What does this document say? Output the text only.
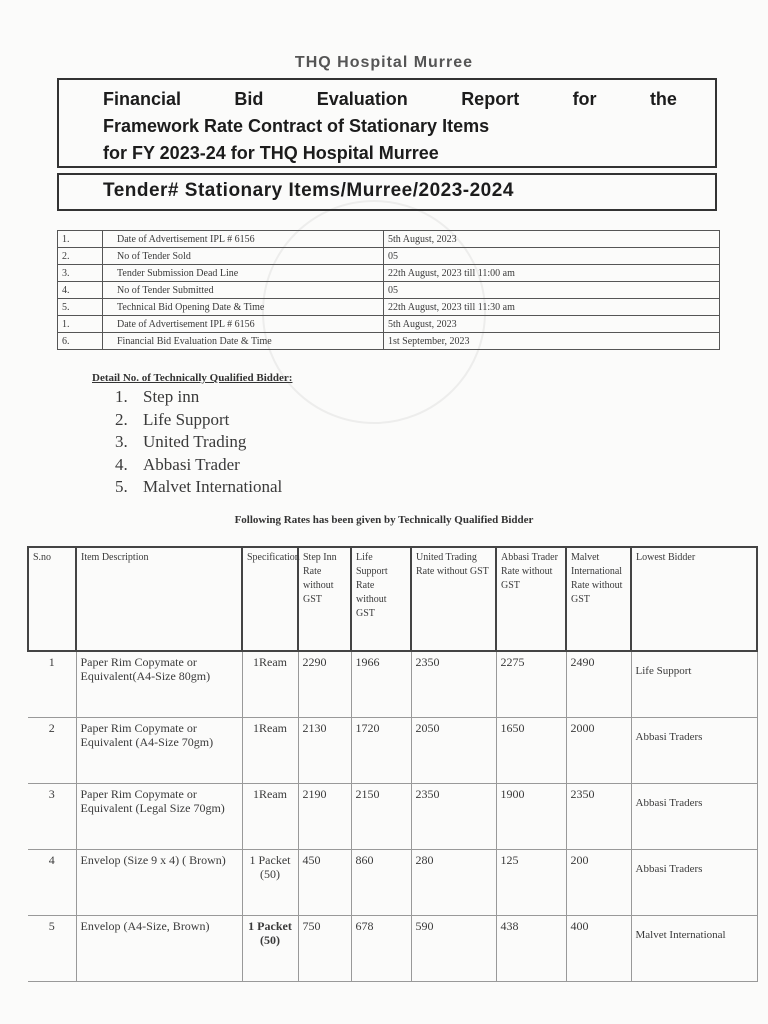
THQ Hospital Murree
Financial	Bid	Evaluation	Report	for	the
Framework Rate Contract of Stationary Items
for FY 2023-24 for THQ Hospital Murree
Tender# Stationary Items/Murree/2023-2024
1.	Date of Advertisement IPL # 6156	5th August, 2023
2.	No of Tender Sold	05
3.	Tender Submission Dead Line	22th August, 2023 till 11:00 am
4.	No of Tender Submitted	05
5.	Technical Bid Opening Date & Time	22th August, 2023 till 11:30 am
1.	Date of Advertisement IPL # 6156	5th August, 2023
6.	Financial Bid Evaluation Date & Time	1st September, 2023
Detail No. of Technically Qualified Bidder:
1. Step inn
2. Life Support
3. United Trading
4. Abbasi Trader
5. Malvet International
Following Rates has been given by Technically Qualified Bidder
S.no	Item Description	Specification	Step Inn Rate without GST	Life Support Rate without GST	United Trading Rate without GST	Abbasi Trader Rate without GST	Malvet International Rate without GST	Lowest Bidder
1	Paper Rim Copymate or Equivalent(A4-Size 80gm)	1Ream	2290	1966	2350	2275	2490	Life Support
2	Paper Rim Copymate or Equivalent (A4-Size 70gm)	1Ream	2130	1720	2050	1650	2000	Abbasi Traders
3	Paper Rim Copymate or Equivalent (Legal Size 70gm)	1Ream	2190	2150	2350	1900	2350	Abbasi Traders
4	Envelop (Size 9 x 4) ( Brown)	1 Packet (50)	450	860	280	125	200	Abbasi Traders
5	Envelop (A4-Size, Brown)	1 Packet (50)	750	678	590	438	400	Malvet International
